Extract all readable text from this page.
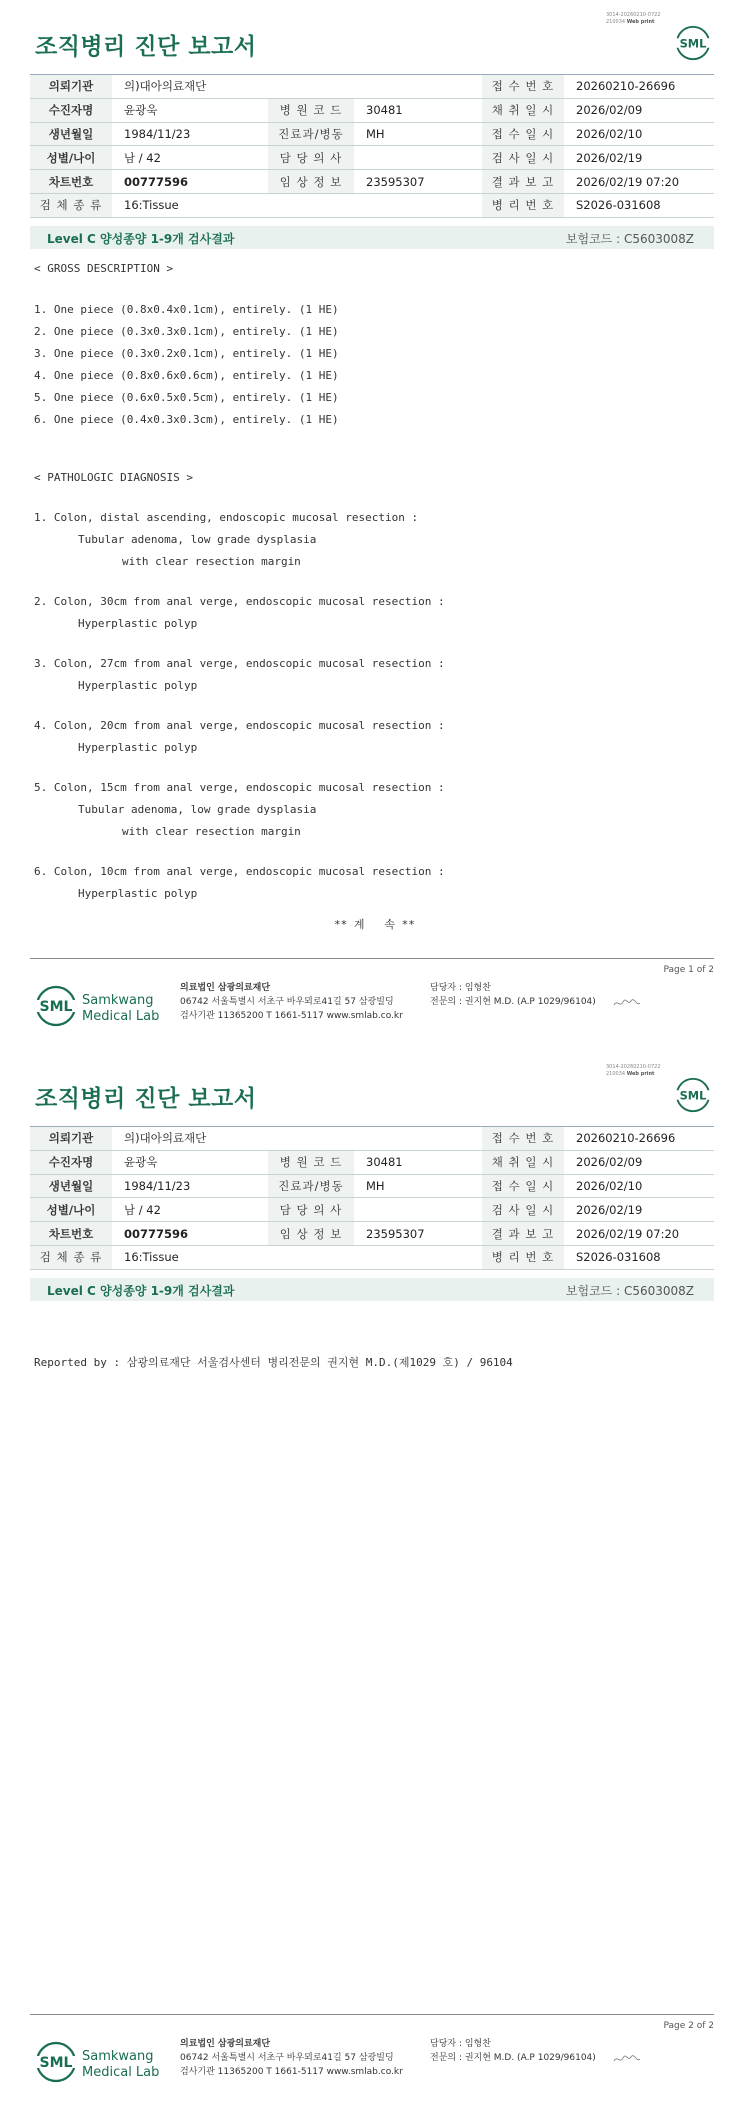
3014-20260210-0722
210034 Web print
조직병리 진단 보고서	SML
의뢰기관	의)대아의료재단			접 수 번 호	20260210-26696
수진자명	윤광욱	병 원 코 드	30481	채 취 일 시	2026/02/09
생년월일	1984/11/23	진료과/병동	MH	접 수 일 시	2026/02/10
성별/나이	남 / 42	담 당 의 사		검 사 일 시	2026/02/19
차트번호	00777596	임 상 정 보	23595307	결 과 보 고	2026/02/19 07:20
검 체 종 류	16:Tissue			병 리 번 호	S2026-031608
Level C 양성종양 1-9개 검사결과	보험코드 : C5603008Z
< GROSS DESCRIPTION >
1. One piece (0.8x0.4x0.1cm), entirely. (1 HE)
2. One piece (0.3x0.3x0.1cm), entirely. (1 HE)
3. One piece (0.3x0.2x0.1cm), entirely. (1 HE)
4. One piece (0.8x0.6x0.6cm), entirely. (1 HE)
5. One piece (0.6x0.5x0.5cm), entirely. (1 HE)
6. One piece (0.4x0.3x0.3cm), entirely. (1 HE)
< PATHOLOGIC DIAGNOSIS >
1. Colon, distal ascending, endoscopic mucosal resection :
Tubular adenoma, low grade dysplasia
with clear resection margin
2. Colon, 30cm from anal verge, endoscopic mucosal resection :
Hyperplastic polyp
3. Colon, 27cm from anal verge, endoscopic mucosal resection :
Hyperplastic polyp
4. Colon, 20cm from anal verge, endoscopic mucosal resection :
Hyperplastic polyp
5. Colon, 15cm from anal verge, endoscopic mucosal resection :
Tubular adenoma, low grade dysplasia
with clear resection margin
6. Colon, 10cm from anal verge, endoscopic mucosal resection :
Hyperplastic polyp
** 계   속 **
Page 1 of 2
SML Samkwang
Medical Lab
의료법인 삼광의료재단
06742 서울특별시 서초구 바우뫼로41길 57 삼광빌딩
검사기관 11365200 T 1661-5117 www.smlab.co.kr
담당자 : 임형찬
전문의 : 권지현 M.D. (A.P 1029/96104)
3014-20260210-0722
210034 Web print
조직병리 진단 보고서	SML
의뢰기관	의)대아의료재단			접 수 번 호	20260210-26696
수진자명	윤광욱	병 원 코 드	30481	채 취 일 시	2026/02/09
생년월일	1984/11/23	진료과/병동	MH	접 수 일 시	2026/02/10
성별/나이	남 / 42	담 당 의 사		검 사 일 시	2026/02/19
차트번호	00777596	임 상 정 보	23595307	결 과 보 고	2026/02/19 07:20
검 체 종 류	16:Tissue			병 리 번 호	S2026-031608
Level C 양성종양 1-9개 검사결과	보험코드 : C5603008Z
Reported by : 삼광의료재단 서울검사센터 병리전문의 권지현 M.D.(제1029 호) / 96104
Page 2 of 2
SML Samkwang
Medical Lab
의료법인 삼광의료재단
06742 서울특별시 서초구 바우뫼로41길 57 삼광빌딩
검사기관 11365200 T 1661-5117 www.smlab.co.kr
담당자 : 임형찬
전문의 : 권지현 M.D. (A.P 1029/96104)
